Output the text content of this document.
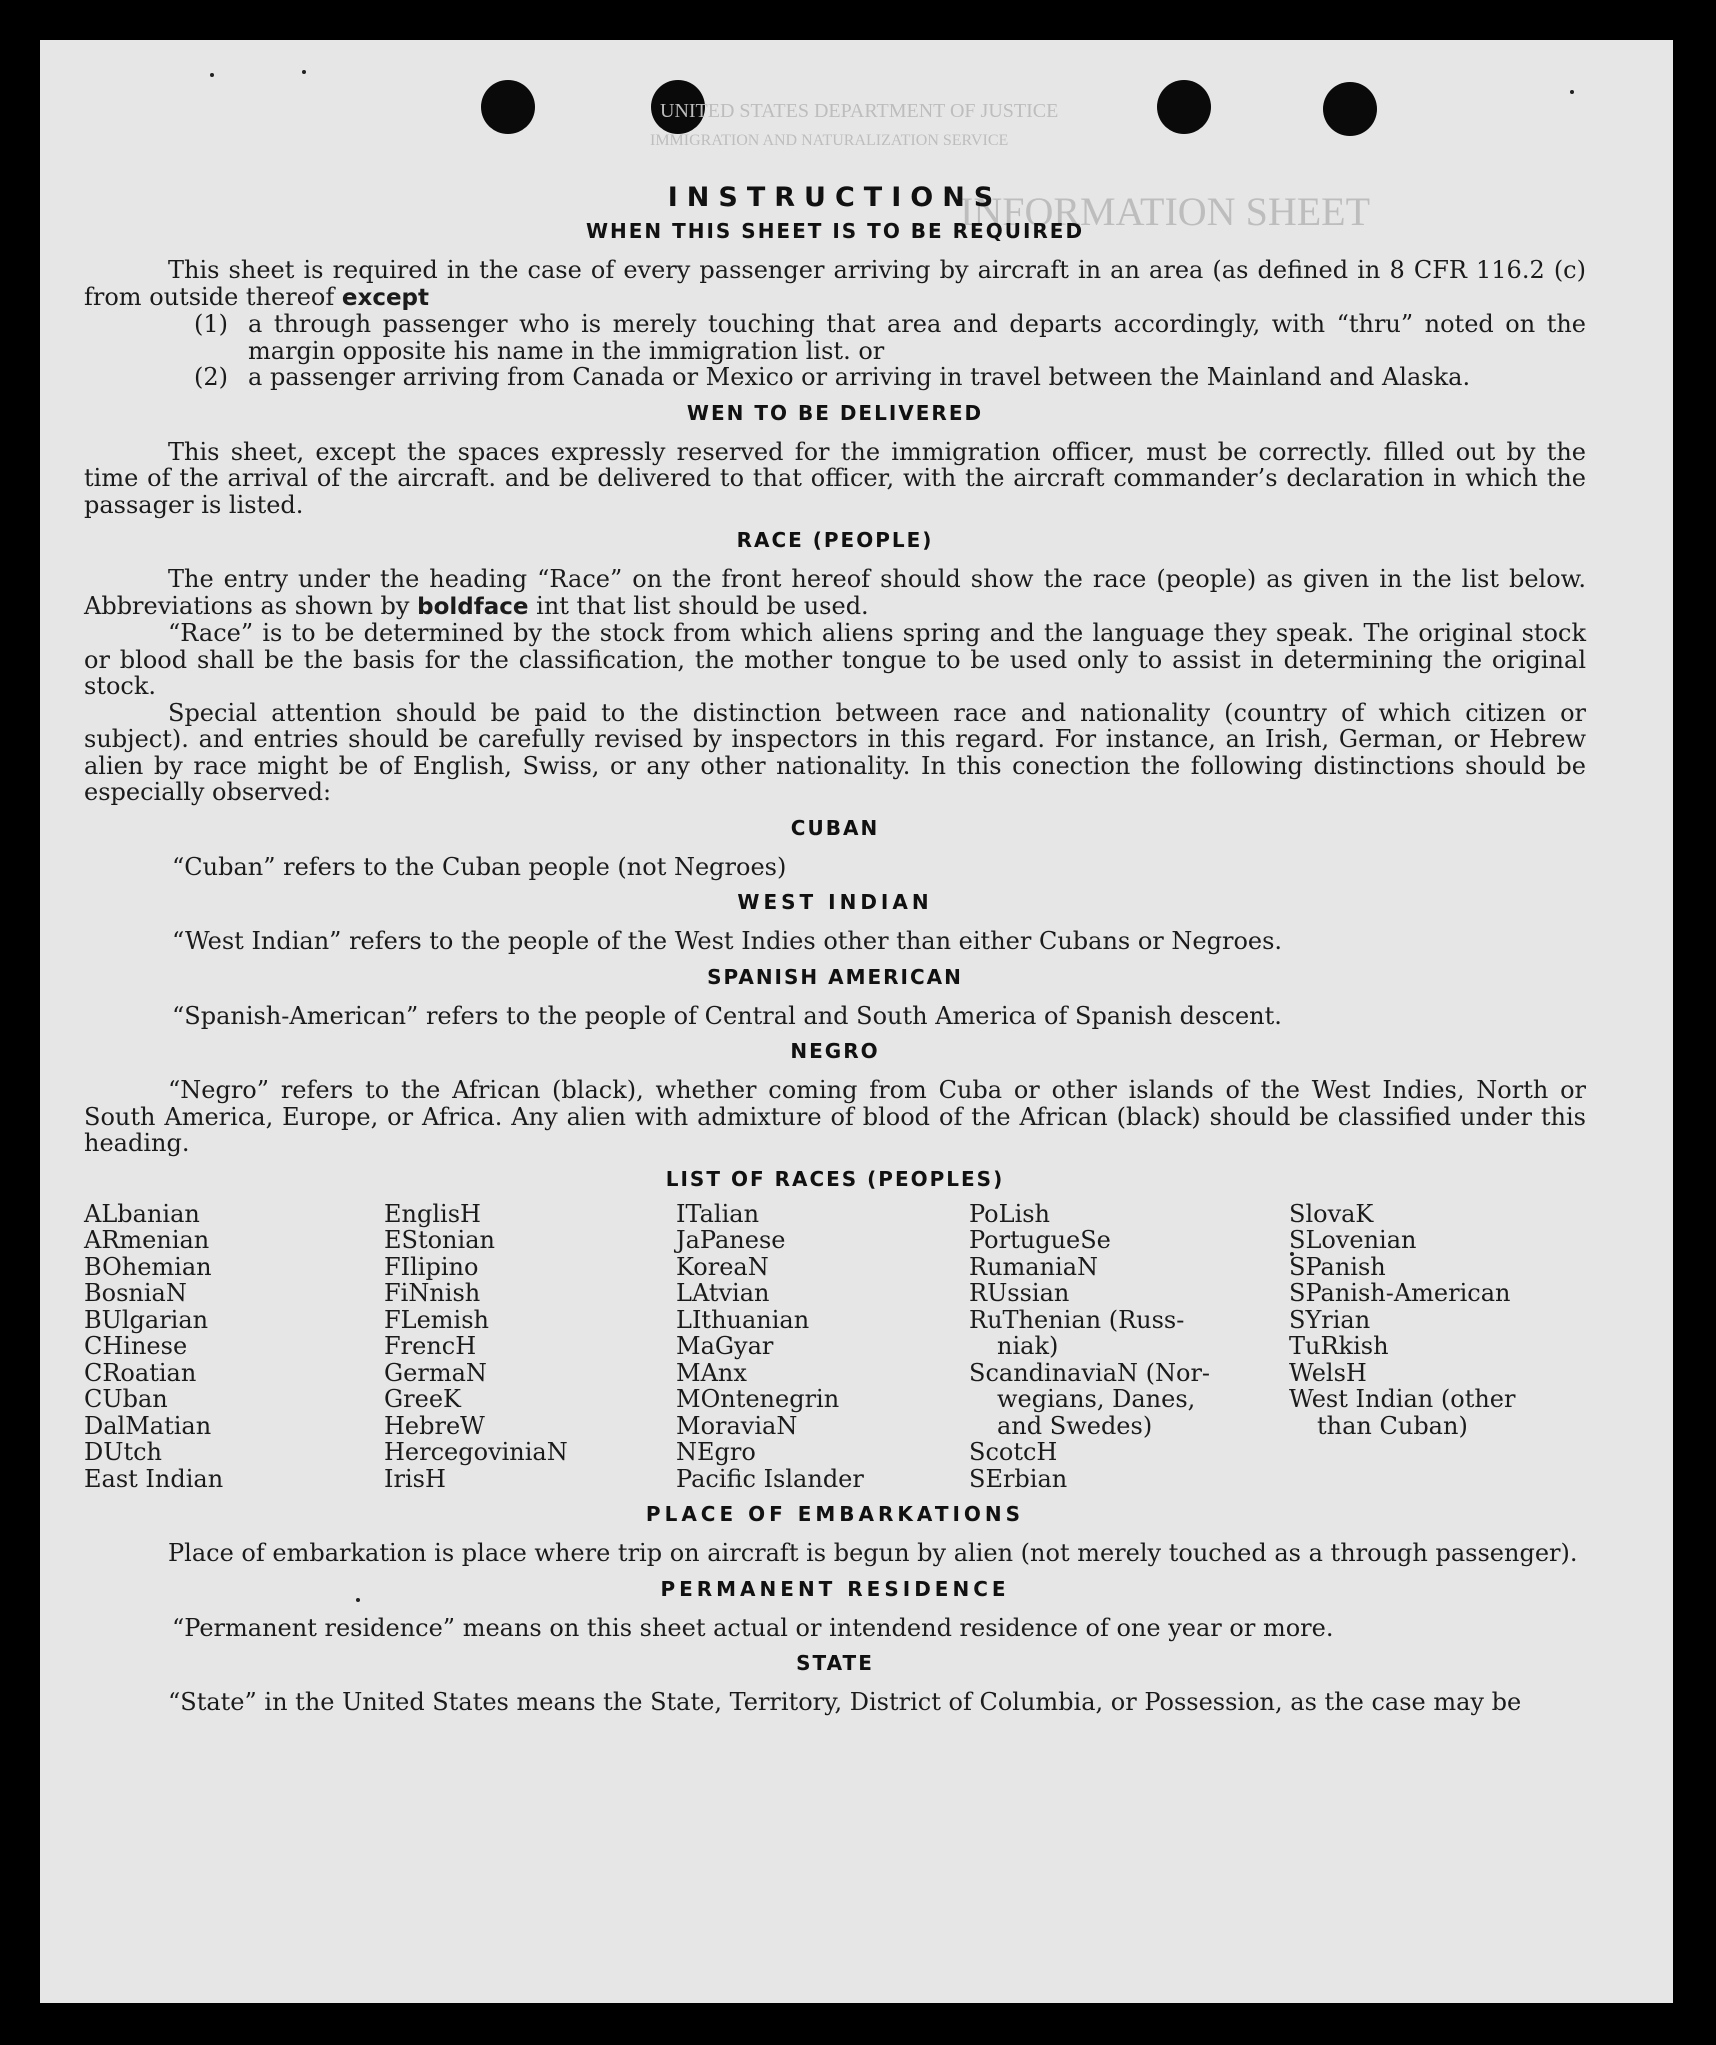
UNITED STATES DEPARTMENT OF JUSTICE
IMMIGRATION AND NATURALIZATION SERVICE
INFORMATION SHEET
INSTRUCTIONS
WHEN THIS SHEET IS TO BE REQUIRED

This sheet is required in the case of every passenger arriving by aircraft in an area (as defined in 8 CFR 116.2 (c) from outside thereof except

(1) a through passenger who is merely touching that area and departs accordingly, with “thru” noted on the margin opposite his name in the immigration list. or
(2) a passenger arriving from Canada or Mexico or arriving in travel between the Mainland and Alaska.
WEN TO BE DELIVERED

This sheet, except the spaces expressly reserved for the immigration officer, must be correctly. filled out by the time of the arrival of the aircraft. and be delivered to that officer, with the aircraft commander’s declaration in which the passager is listed.

RACE (PEOPLE)

The entry under the heading “Race” on the front hereof should show the race (people) as given in the list below. Abbreviations as shown by boldface int that list should be used.

“Race” is to be determined by the stock from which aliens spring and the language they speak. The original stock or blood shall be the basis for the classification, the mother tongue to be used only to assist in determining the original stock.

Special attention should be paid to the distinction between race and nationality (country of which citizen or subject). and entries should be carefully revised by inspectors in this regard. For instance, an Irish, German, or Hebrew alien by race might be of English, Swiss, or any other nationality. In this conection the following distinctions should be especially observed:

CUBAN

“Cuban” refers to the Cuban people (not Negroes)

WEST INDIAN

“West Indian” refers to the people of the West Indies other than either Cubans or Negroes.

SPANISH AMERICAN

“Spanish-American” refers to the people of Central and South America of Spanish descent.

NEGRO

“Negro” refers to the African (black), whether coming from Cuba or other islands of the West Indies, North or South America, Europe, or Africa. Any alien with admixture of blood of the African (black) should be classified under this heading.

LIST OF RACES (PEOPLES)
ALbanian
ARmenian
BOhemian
BosniaN
BUlgarian
CHinese
CRoatian
CUban
DalMatian
DUtch
East Indian
EnglisH
EStonian
FIlipino
FiNnish
FLemish
FrencH
GermaN
GreeK
HebreW
HercegoviniaN
IrisH
ITalian
JaPanese
KoreaN
LAtvian
LIthuanian
MaGyar
MAnx
MOntenegrin
MoraviaN
NEgro
Pacific Islander
PoLish
PortugueSe
RumaniaN
RUssian
RuThenian (Russ-
niak)
ScandinaviaN (Nor-
wegians, Danes,
and Swedes)
ScotcH
SErbian
SlovaK
SLovenian
SPanish
SPanish-American
SYrian
TuRkish
WelsH
West Indian (other
than Cuban)
PLACE OF EMBARKATIONS

Place of embarkation is place where trip on aircraft is begun by alien (not merely touched as a through passenger).

PERMANENT RESIDENCE

“Permanent residence” means on this sheet actual or intendend residence of one year or more.

STATE

“State” in the United States means the State, Territory, District of Columbia, or Possession, as the case may be
